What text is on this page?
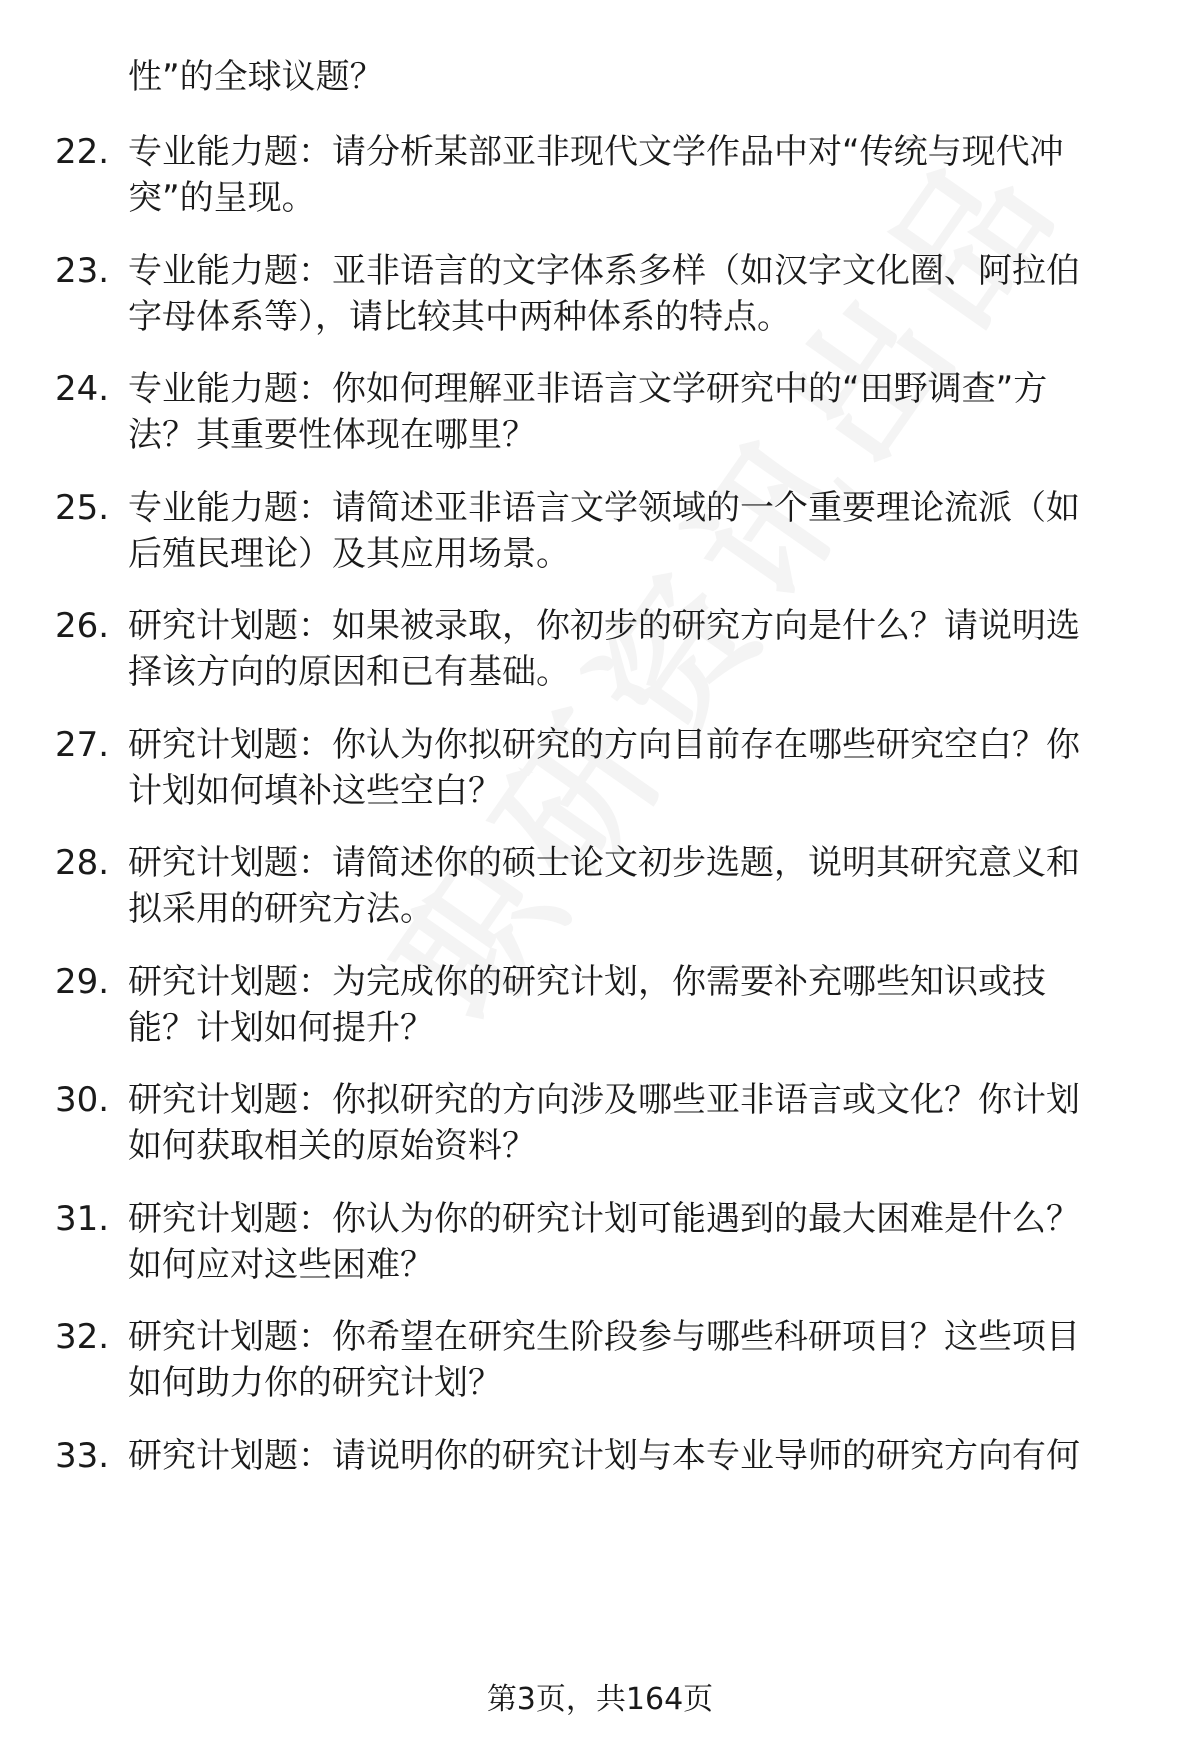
性”的全球议题？
22. 专业能力题：请分析某部亚非现代文学作品中对“传统与现代冲
突”的呈现。
23. 专业能力题：亚非语言的文字体系多样（如汉字文化圈、阿拉伯
字母体系等），请比较其中两种体系的特点。
24. 专业能力题：你如何理解亚非语言文学研究中的“田野调查”方
法？其重要性体现在哪里？
25. 专业能力题：请简述亚非语言文学领域的一个重要理论流派（如
后殖民理论）及其应用场景。
26. 研究计划题：如果被录取，你初步的研究方向是什么？请说明选
择该方向的原因和已有基础。
27. 研究计划题：你认为你拟研究的方向目前存在哪些研究空白？你
计划如何填补这些空白？
28. 研究计划题：请简述你的硕士论文初步选题，说明其研究意义和
拟采用的研究方法。
29. 研究计划题：为完成你的研究计划，你需要补充哪些知识或技
能？计划如何提升？
30. 研究计划题：你拟研究的方向涉及哪些亚非语言或文化？你计划
如何获取相关的原始资料？
31. 研究计划题：你认为你的研究计划可能遇到的最大困难是什么？
如何应对这些困难？
32. 研究计划题：你希望在研究生阶段参与哪些科研项目？这些项目
如何助力你的研究计划？
33. 研究计划题：请说明你的研究计划与本专业导师的研究方向有何
第3页，共164页
